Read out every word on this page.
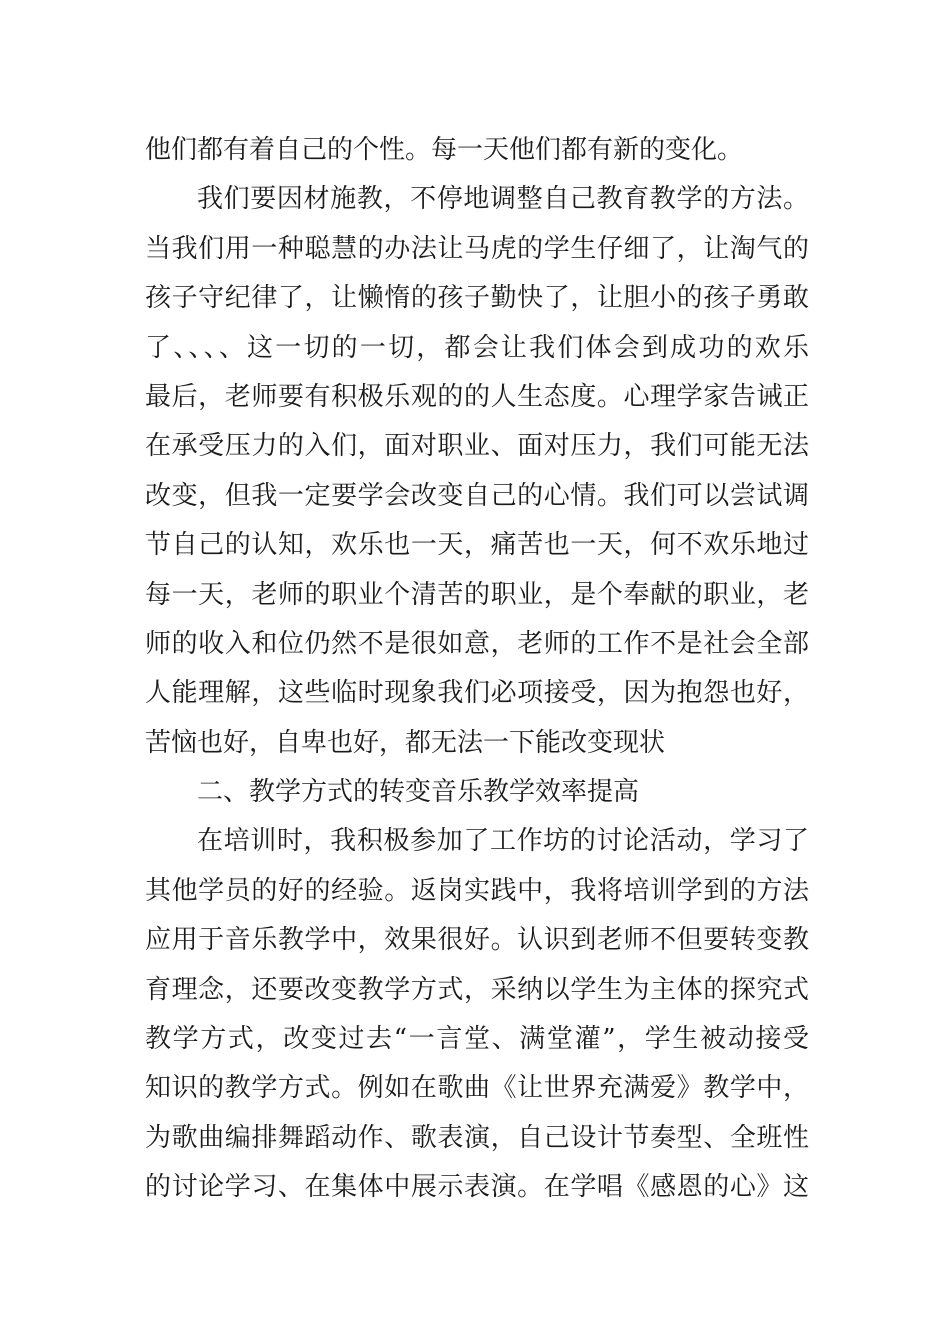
他们都有着自己的个性。每一天他们都有新的变化。
我们要因材施教，不停地调整自己教育教学的方法。
当我们用一种聪慧的办法让马虎的学生仔细了，让淘气的
孩子守纪律了，让懒惰的孩子勤快了，让胆小的孩子勇敢
了、、、、这一切的一切，都会让我们体会到成功的欢乐
最后，老师要有积极乐观的的人生态度。心理学家告诫正
在承受压力的入们，面对职业、面对压力，我们可能无法
改变，但我一定要学会改变自己的心情。我们可以尝试调
节自己的认知，欢乐也一天，痛苦也一天，何不欢乐地过
每一天，老师的职业个清苦的职业，是个奉献的职业，老
师的收入和位仍然不是很如意，老师的工作不是社会全部
人能理解，这些临时现象我们必项接受，因为抱怨也好，
苦恼也好，自卑也好，都无法一下能改变现状
二、教学方式的转变音乐教学效率提高
在培训时，我积极参加了工作坊的讨论活动，学习了
其他学员的好的经验。返岗实践中，我将培训学到的方法
应用于音乐教学中，效果很好。认识到老师不但要转变教
育理念，还要改变教学方式，采纳以学生为主体的探究式
教学方式，改变过去“一言堂、满堂灌”，学生被动接受
知识的教学方式。例如在歌曲《让世界充满爱》教学中，
为歌曲编排舞蹈动作、歌表演，自己设计节奏型、全班性
的讨论学习、在集体中展示表演。在学唱《感恩的心》这
